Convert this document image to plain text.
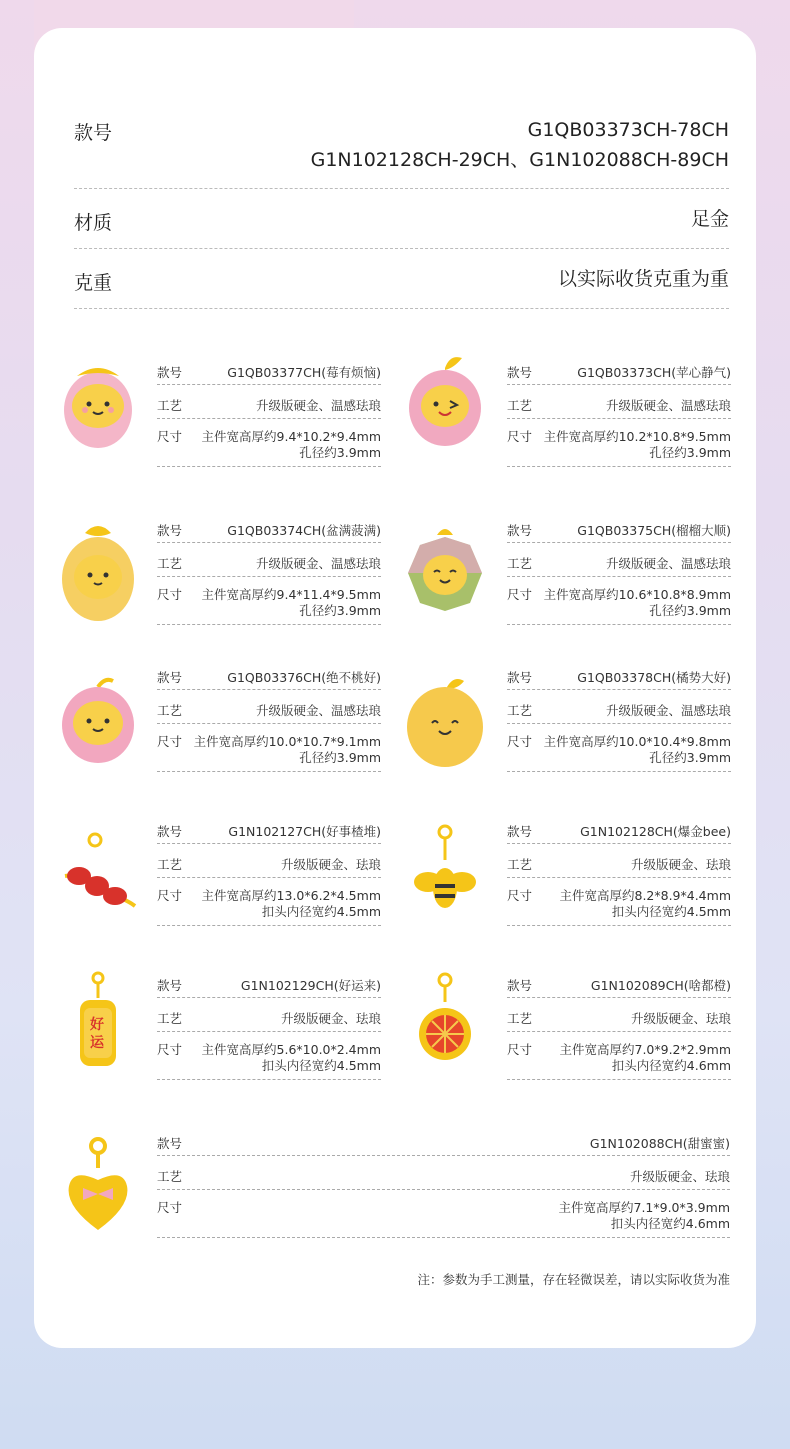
款号	G1QB03373CH-78CH
G1N102128CH-29CH、G1N102088CH-89CH
材质	足金
克重	以实际收货克重为重
好运
款号	G1QB03377CH(莓有烦恼)
工艺	升级版硬金、温感珐琅
尺寸 主件宽高厚约9.4*10.2*9.4mm
孔径约3.9mm
款号	G1QB03373CH(苹心静气)
工艺	升级版硬金、温感珐琅
尺寸 主件宽高厚约10.2*10.8*9.5mm
孔径约3.9mm
款号	G1QB03374CH(盆满菠满)
工艺	升级版硬金、温感珐琅
尺寸 主件宽高厚约9.4*11.4*9.5mm
孔径约3.9mm
款号	G1QB03375CH(榴榴大顺)
工艺	升级版硬金、温感珐琅
尺寸 主件宽高厚约10.6*10.8*8.9mm
孔径约3.9mm
款号	G1QB03376CH(绝不桃好)
工艺	升级版硬金、温感珐琅
尺寸 主件宽高厚约10.0*10.7*9.1mm
孔径约3.9mm
款号	G1QB03378CH(橘势大好)
工艺	升级版硬金、温感珐琅
尺寸 主件宽高厚约10.0*10.4*9.8mm
孔径约3.9mm
款号	G1N102127CH(好事楂堆)
工艺	升级版硬金、珐琅
尺寸 主件宽高厚约13.0*6.2*4.5mm
扣头内径宽约4.5mm
款号	G1N102128CH(爆金bee)
工艺	升级版硬金、珐琅
尺寸 主件宽高厚约8.2*8.9*4.4mm
扣头内径宽约4.5mm
款号	G1N102129CH(好运来)
工艺	升级版硬金、珐琅
尺寸 主件宽高厚约5.6*10.0*2.4mm
扣头内径宽约4.5mm
款号	G1N102089CH(啥都橙)
工艺	升级版硬金、珐琅
尺寸 主件宽高厚约7.0*9.2*2.9mm
扣头内径宽约4.6mm
款号	G1N102088CH(甜蜜蜜)
工艺	升级版硬金、珐琅
尺寸	主件宽高厚约7.1*9.0*3.9mm
扣头内径宽约4.6mm
注：参数为手工测量，存在轻微误差，请以实际收货为准
